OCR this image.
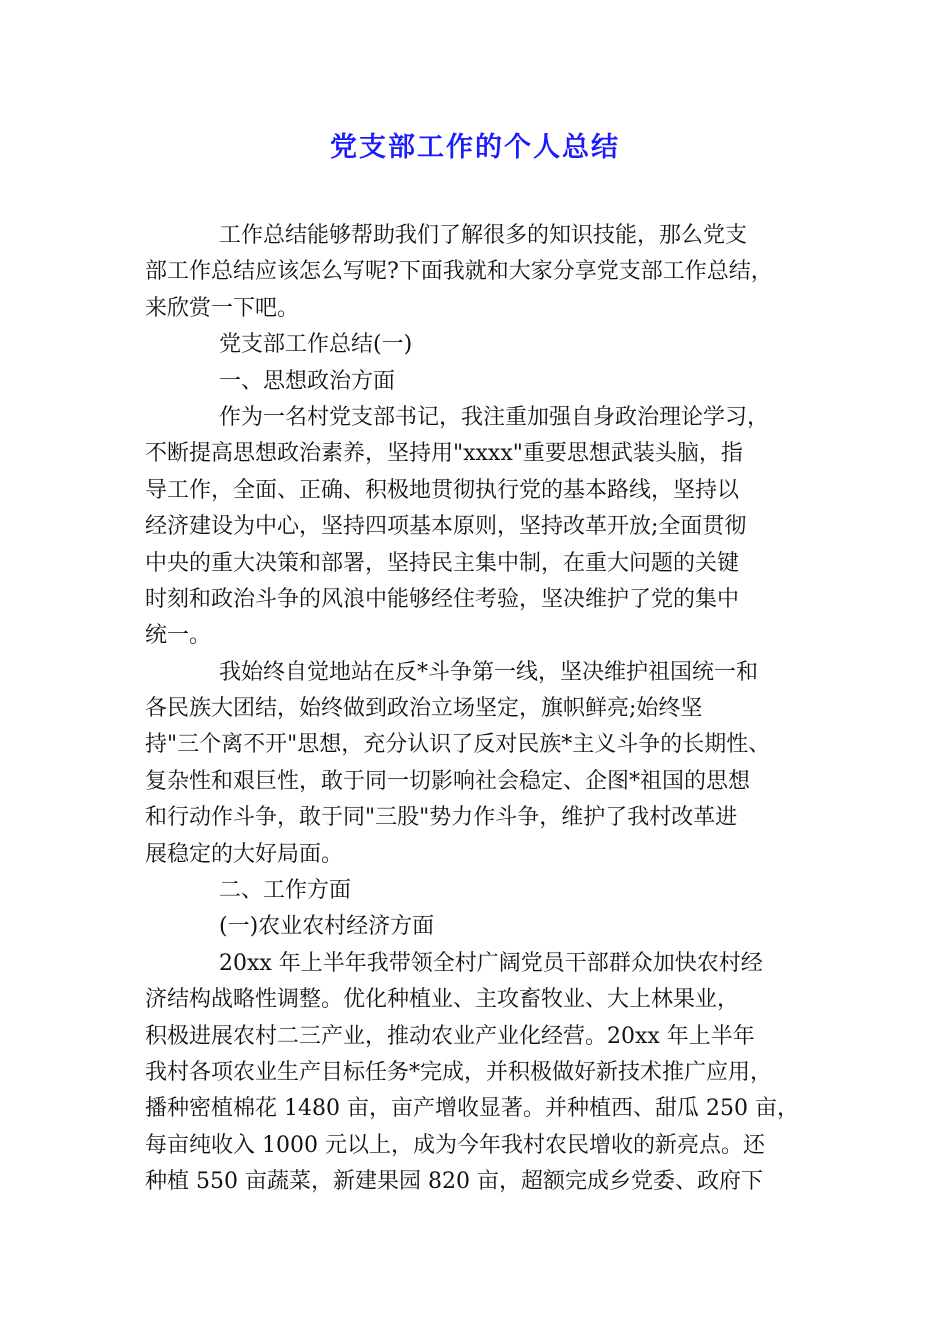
党支部工作的个人总结
工作总结能够帮助我们了解很多的知识技能，那么党支
部工作总结应该怎么写呢?下面我就和大家分享党支部工作总结，
来欣赏一下吧。
党支部工作总结(一)
一、思想政治方面
作为一名村党支部书记，我注重加强自身政治理论学习，
不断提高思想政治素养，坚持用"xxxx"重要思想武装头脑，指
导工作，全面、正确、积极地贯彻执行党的基本路线，坚持以
经济建设为中心，坚持四项基本原则，坚持改革开放;全面贯彻
中央的重大决策和部署，坚持民主集中制，在重大问题的关键
时刻和政治斗争的风浪中能够经住考验，坚决维护了党的集中
统一。
我始终自觉地站在反*斗争第一线，坚决维护祖国统一和
各民族大团结，始终做到政治立场坚定，旗帜鲜亮;始终坚
持"三个离不开"思想，充分认识了反对民族*主义斗争的长期性、
复杂性和艰巨性，敢于同一切影响社会稳定、企图*祖国的思想
和行动作斗争，敢于同"三股"势力作斗争，维护了我村改革进
展稳定的大好局面。
二、工作方面
(一)农业农村经济方面
20xx 年上半年我带领全村广阔党员干部群众加快农村经
济结构战略性调整。优化种植业、主攻畜牧业、大上林果业，
积极进展农村二三产业，推动农业产业化经营。20xx 年上半年
我村各项农业生产目标任务*完成，并积极做好新技术推广应用，
播种密植棉花 1480 亩，亩产增收显著。并种植西、甜瓜 250 亩，
每亩纯收入 1000 元以上，成为今年我村农民增收的新亮点。还
种植 550 亩蔬菜，新建果园 820 亩，超额完成乡党委、政府下
